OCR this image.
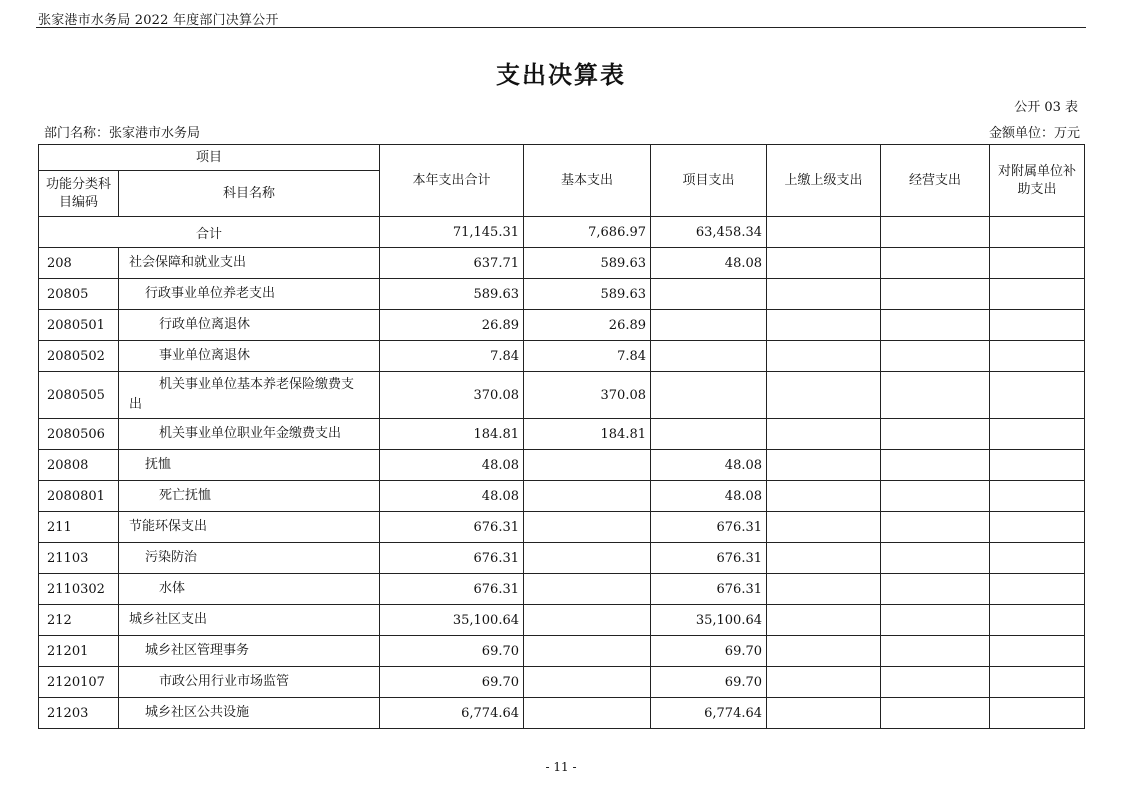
张家港市水务局 2022 年度部门决算公开
支出决算表
公开 03 表
部门名称：张家港市水务局	金额单位：万元
项目		本年支出合计	基本支出	项目支出	上缴上级支出	经营支出	对附属单位补助支出
功能分类科目编码	科目名称						
合计		71,145.31	7,686.97	63,458.34			
208	社会保障和就业支出	637.71	589.63	48.08			
20805	行政事业单位养老支出	589.63	589.63				
2080501	行政单位离退休	26.89	26.89				
2080502	事业单位离退休	7.84	7.84				
2080505	机关事业单位基本养老保险缴费支出	370.08	370.08				
2080506	机关事业单位职业年金缴费支出	184.81	184.81				
20808	抚恤	48.08		48.08			
2080801	死亡抚恤	48.08		48.08			
211	节能环保支出	676.31		676.31			
21103	污染防治	676.31		676.31			
2110302	水体	676.31		676.31			
212	城乡社区支出	35,100.64		35,100.64			
21201	城乡社区管理事务	69.70		69.70			
2120107	市政公用行业市场监管	69.70		69.70			
21203	城乡社区公共设施	6,774.64		6,774.64			
- 11 -
